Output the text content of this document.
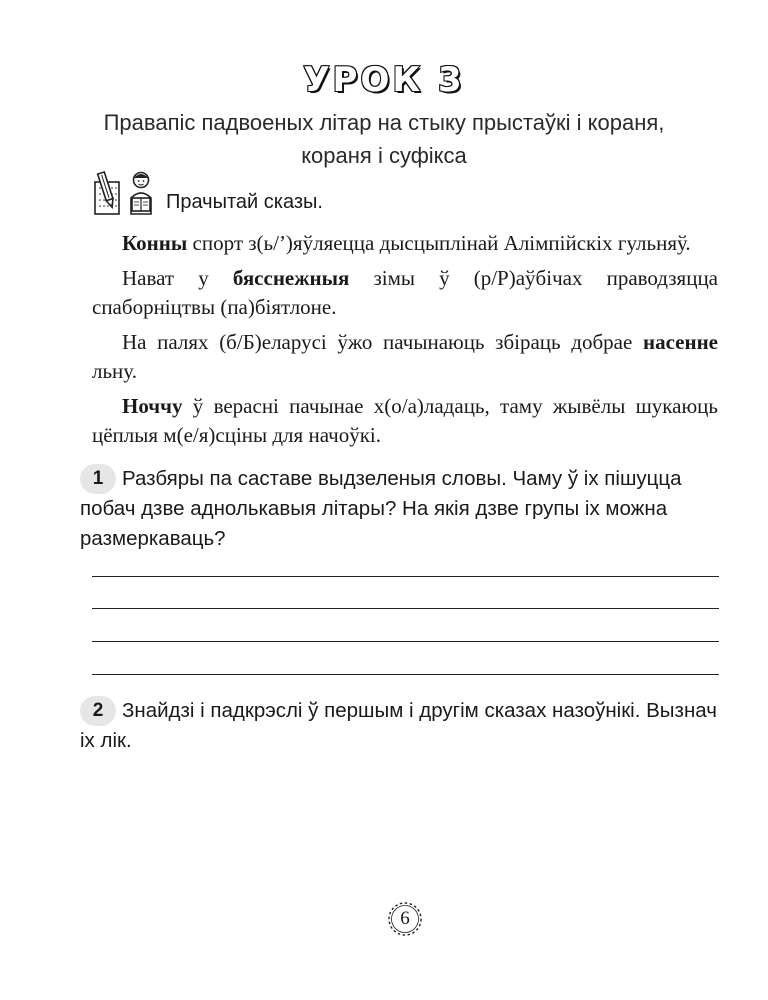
УРОК 3
Правапіс падвоеных літар на стыку прыстаўкі і кораня,
кораня і суфікса
Прачытай сказы.

Конны спорт з(ь/’)яўляецца дысцыплінай Алімпійскіх гульняў.

Нават у бясснежныя зімы ў (р/Р)аўбічах праводзяцца спаборніцтвы (па)біятлоне.

На палях (б/Б)еларусі ўжо пачынаюць збіраць добрае насенне льну.

Ноччу ў верасні пачынае х(о/а)ладаць, таму жывёлы шукаюць цёплыя м(е/я)сціны для начоўкі.

1 Разбяры па саставе выдзеленыя словы. Чаму ў іх пішуцца побач дзве аднолькавыя літары? На якія дзве групы іх можна размеркаваць?
2 Знайдзі і падкрэслі ў першым і другім сказах назоўнікі. Вызнач іх лік.
6
